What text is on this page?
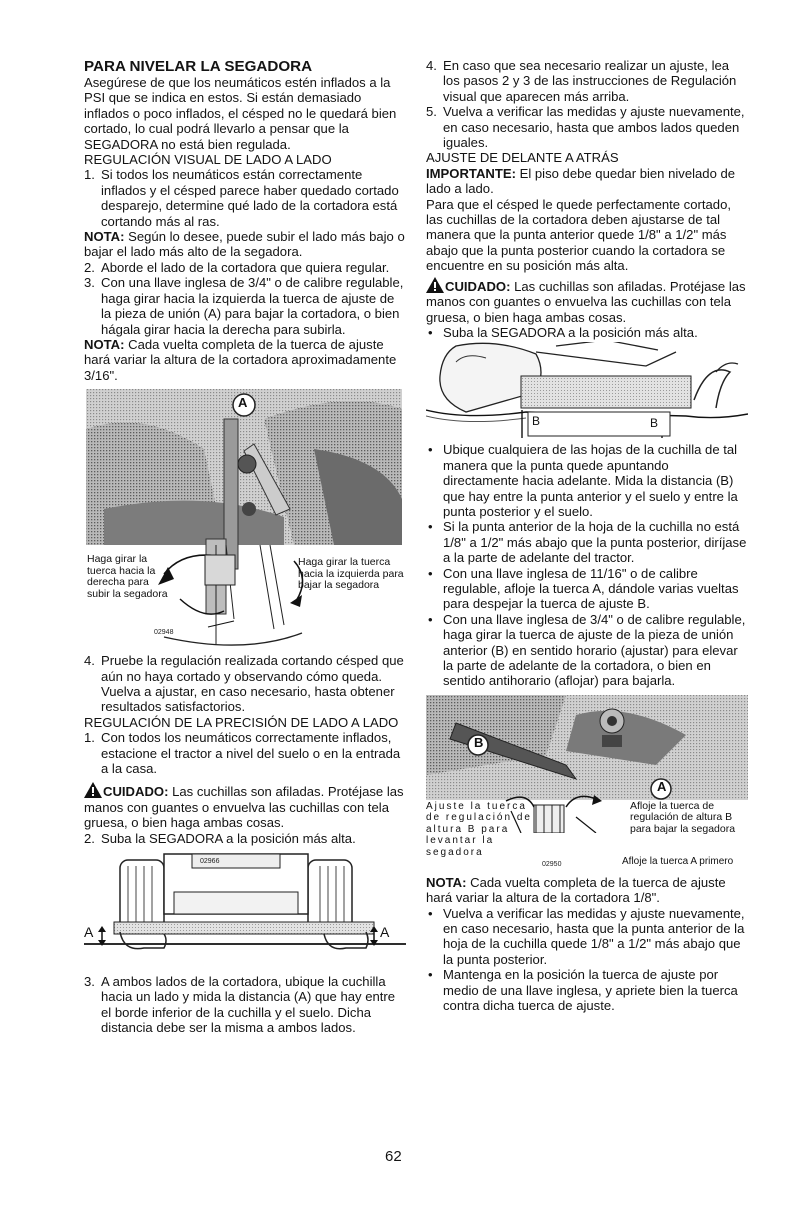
PARA NIVELAR LA SEGADORA

Asegúrese de que los neumáticos estén inflados a la PSI que se indica en estos. Si están demasiado inflados o poco inflados, el césped no le quedará bien cortado, lo cual podrá llevarlo a pensar que la SEGADORA no está bien regulada.

REGULACIÓN VISUAL DE LADO A LADO

1. Si todos los neumáticos están correctamente inflados y el césped parece haber quedado cortado desparejo, determine qué lado de la cortadora está cortando más al ras.

NOTA: Según lo desee, puede subir el lado más bajo o bajar el lado más alto de la segadora.

2. Aborde el lado de la cortadora que quiera regular.
3. Con una llave inglesa de 3/4" o de calibre regulable, haga girar hacia la izquierda la tuerca de ajuste de la pieza de unión (A) para bajar la cortadora, o bien hágala girar hacia la derecha para subirla.

NOTA: Cada vuelta completa de la tuerca de ajuste hará variar la altura de la cortadora aproximadamente 3/16".

A
Haga girar la tuerca hacia la derecha para subir la segadora
Haga girar la tuerca hacia la izquierda para bajar la segadora
02948
4. Pruebe la regulación realizada cortando césped que aún no haya cortado y observando cómo queda. Vuelva a ajustar, en caso necesario, hasta obtener resultados satisfactorios.

REGULACIÓN DE LA PRECISIÓN DE LADO A LADO

1. Con todos los neumáticos correctamente inflados, estacione el tractor a nivel del suelo o en la entrada a la casa.

CUIDADO: Las cuchillas son afiladas. Protéjase las manos con guantes o envuelva las cuchillas con tela gruesa, o bien haga ambas cosas.

2. Suba la SEGADORA a la posición más alta.
A	A
02966
3. A ambos lados de la cortadora, ubique la cuchilla hacia un lado y mida la distancia (A) que hay entre el borde inferior de la cuchilla y el suelo. Dicha distancia debe ser la misma a ambos lados.
4. En caso que sea necesario realizar un ajuste, lea los pasos 2 y 3 de las instrucciones de Regulación visual que aparecen más arriba.
5. Vuelva a verificar las medidas y ajuste nuevamente, en caso necesario, hasta que ambos lados queden iguales.

AJUSTE DE DELANTE A ATRÁS

IMPORTANTE: El piso debe quedar bien nivelado de lado a lado.

Para que el césped le quede perfectamente cortado, las cuchillas de la cortadora deben ajustarse de tal manera que la punta anterior quede 1/8" a 1/2" más abajo que la punta posterior cuando la cortadora se encuentre en su posición más alta.

CUIDADO: Las cuchillas son afiladas. Protéjase las manos con guantes o envuelva las cuchillas con tela gruesa, o bien haga ambas cosas.

• Suba la SEGADORA a la posición más alta.
B	B
• Ubique cualquiera de las hojas de la cuchilla de tal manera que la punta quede apuntando directamente hacia adelante. Mida la distancia (B) que hay entre la punta anterior y el suelo y entre la punta posterior y el suelo.
• Si la punta anterior de la hoja de la cuchilla no está 1/8" a 1/2" más abajo que la punta posterior, diríjase a la parte de adelante del tractor.
• Con una llave inglesa de 11/16" o de calibre regulable, afloje la tuerca A, dándole varias vueltas para despejar la tuerca de ajuste B.
• Con una llave inglesa de 3/4" o de calibre regulable, haga girar la tuerca de ajuste de la pieza de unión anterior (B) en sentido horario (ajustar) para elevar la parte de adelante de la cortadora, o bien en sentido antihorario (aflojar) para bajarla.
B
A
Ajuste la tuerca de regulación de altura B para levantar la segadora
Afloje la tuerca de regulación de altura B para bajar la segadora
Afloje la tuerca A primero
02950

NOTA: Cada vuelta completa de la tuerca de ajuste hará variar la altura de la cortadora 1/8".

• Vuelva a verificar las medidas y ajuste nuevamente, en caso necesario, hasta que la punta anterior de la hoja de la cuchilla quede 1/8" a 1/2" más abajo que la punta posterior.
• Mantenga en la posición la tuerca de ajuste por medio de una llave inglesa, y apriete bien la tuerca contra dicha tuerca de ajuste.
62
